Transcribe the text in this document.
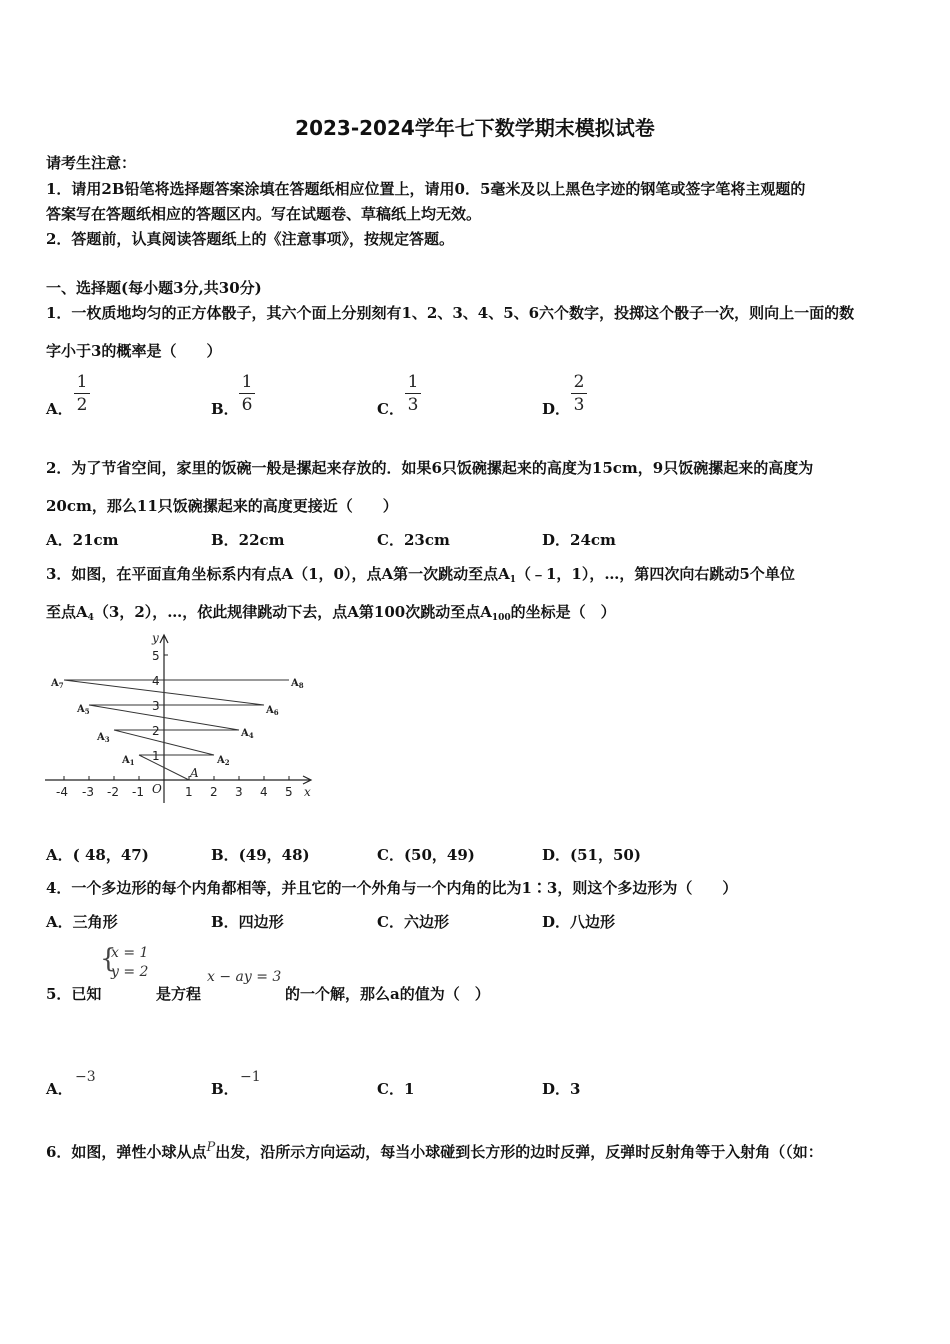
2023-2024学年七下数学期末模拟试卷
请考生注意：
1．请用2B铅笔将选择题答案涂填在答题纸相应位置上，请用0．5毫米及以上黑色字迹的钢笔或签字笔将主观题的
答案写在答题纸相应的答题区内。写在试题卷、草稿纸上均无效。
2．答题前，认真阅读答题纸上的《注意事项》，按规定答题。
一、选择题(每小题3分,共30分)
1．一枚质地均匀的正方体骰子，其六个面上分别刻有1、2、3、4、5、6六个数字，投掷这个骰子一次，则向上一面的数
字小于3的概率是（　　）
A．
1
2	B．
1
6	C．
1
3	D．
2
3
2．为了节省空间，家里的饭碗一般是摞起来存放的．如果6只饭碗摞起来的高度为15cm，9只饭碗摞起来的高度为
20cm，那么11只饭碗摞起来的高度更接近（　　）
A．21cm	B．22cm	C．23cm	D．24cm
3．如图，在平面直角坐标系内有点A（1，0），点A第一次跳动至点$A_1(﹣1$，1），…，第四次向右跳动5个单位
至点$A_4(3$，2），…，依此规律跳动下去，点A第100次跳动至点$A_{100}$的坐标是（　）
-4 -3 -2 -1	1 2 3 4 5
1
2
3
4
5
y
x
O
A
$A_1$	$A_2$
$A_3$
$A_4$
$A_5$	$A_6$
$A_7$	$A_8$
A．( 48，47)	B．(49，48)	C．(50，49)	D．(51，50)
4．一个多边形的每个内角都相等，并且它的一个外角与一个内角的比为1∶3，则这个多边形为（　　）
A．三角形	B．四边形	C．六边形	D．八边形
5．已知
{
x = 1
y = 2
是方程
x − ay = 3
的一个解，那么a的值为（　）
A．
−3
B．
−1
C．1	D．3
6．如图，弹性小球从点P出发，沿所示方向运动，每当小球碰到长方形的边时反弹，反弹时反射角等于入射角（（如：
